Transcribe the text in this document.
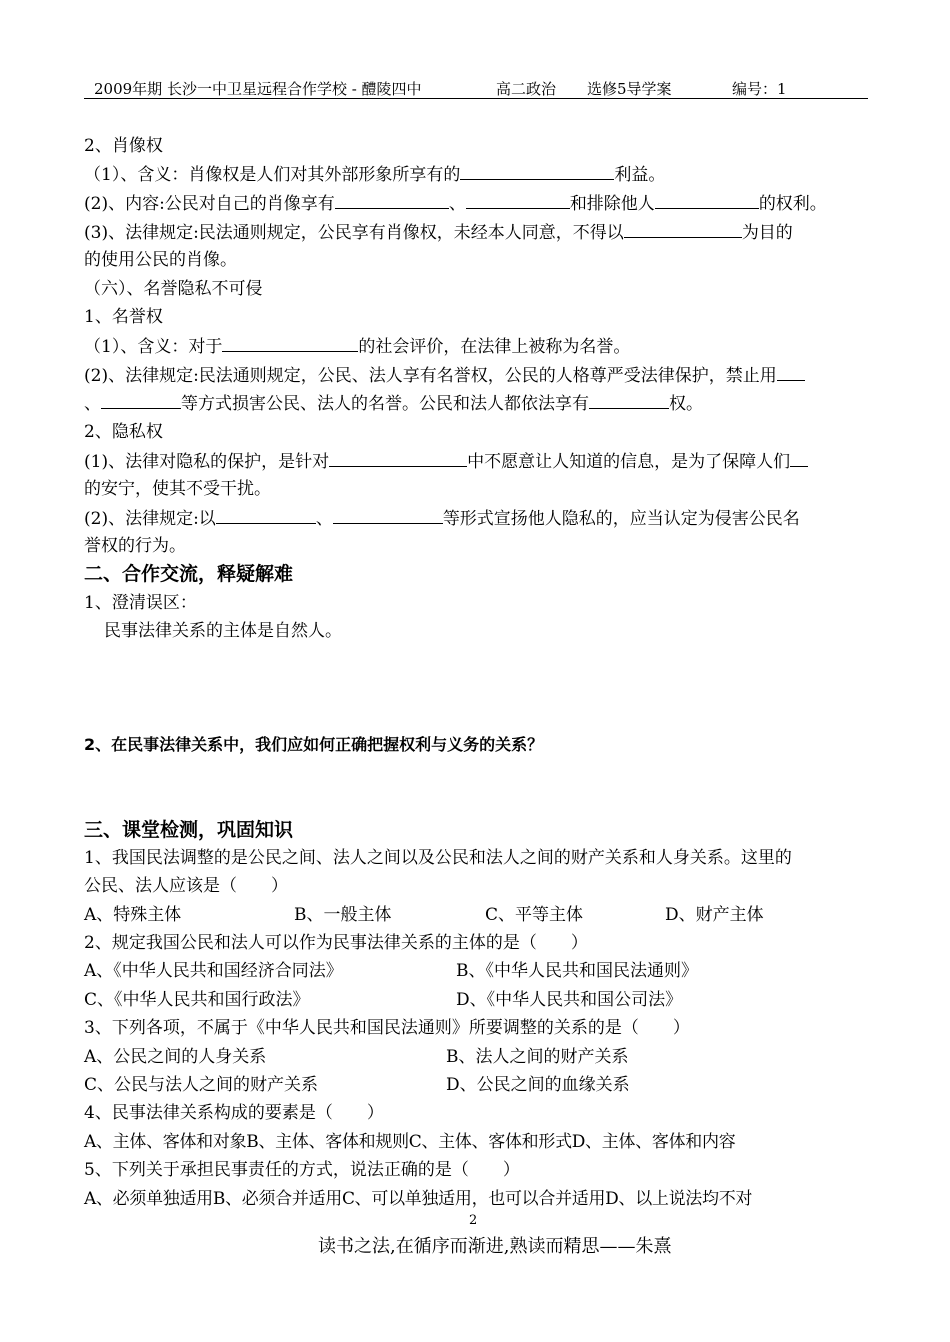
2009年期 长沙一中卫星远程合作学校 - 醴陵四中

	高二政治

选修5导学案

	编号：1

2、肖像权
（1）、含义：肖像权是人们对其外部形象所享有的	利益。
(2)、内容:公民对自己的肖像享有	、	和排除他人	的权利。
(3)、法律规定:民法通则规定，公民享有肖像权，未经本人同意，不得以	为目的
的使用公民的肖像。
（六）、名誉隐私不可侵
1、名誉权
（1）、含义：对于	的社会评价，在法律上被称为名誉。
(2)、法律规定:民法通则规定，公民、法人享有名誉权，公民的人格尊严受法律保护，禁止用
、	等方式损害公民、法人的名誉。公民和法人都依法享有	权。
2、隐私权
(1)、法律对隐私的保护，是针对	中不愿意让人知道的信息，是为了保障人们
的安宁，使其不受干扰。
(2)、法律规定:以	、	等形式宣扬他人隐私的，应当认定为侵害公民名
誉权的行为。
二、合作交流，释疑解难
1、澄清误区：
民事法律关系的主体是自然人。
2、在民事法律关系中，我们应如何正确把握权利与义务的关系？
三、课堂检测，巩固知识
1、我国民法调整的是公民之间、法人之间以及公民和法人之间的财产关系和人身关系。这里的
公民、法人应该是（　　）
A、特殊主体	B、一般主体	C、平等主体	D、财产主体
2、规定我国公民和法人可以作为民事法律关系的主体的是（　　）
A、《中华人民共和国经济合同法》	B、《中华人民共和国民法通则》
C、《中华人民共和国行政法》	D、《中华人民共和国公司法》
3、下列各项，不属于《中华人民共和国民法通则》所要调整的关系的是（　　）
A、公民之间的人身关系	B、法人之间的财产关系
C、公民与法人之间的财产关系	D、公民之间的血缘关系
4、民事法律关系构成的要素是（　　）
A、主体、客体和对象B、主体、客体和规则C、主体、客体和形式D、主体、客体和内容
5、下列关于承担民事责任的方式，说法正确的是（　　）
A、必须单独适用B、必须合并适用C、可以单独适用，也可以合并适用D、以上说法均不对
2
读书之法,在循序而渐进,熟读而精思——朱熹
